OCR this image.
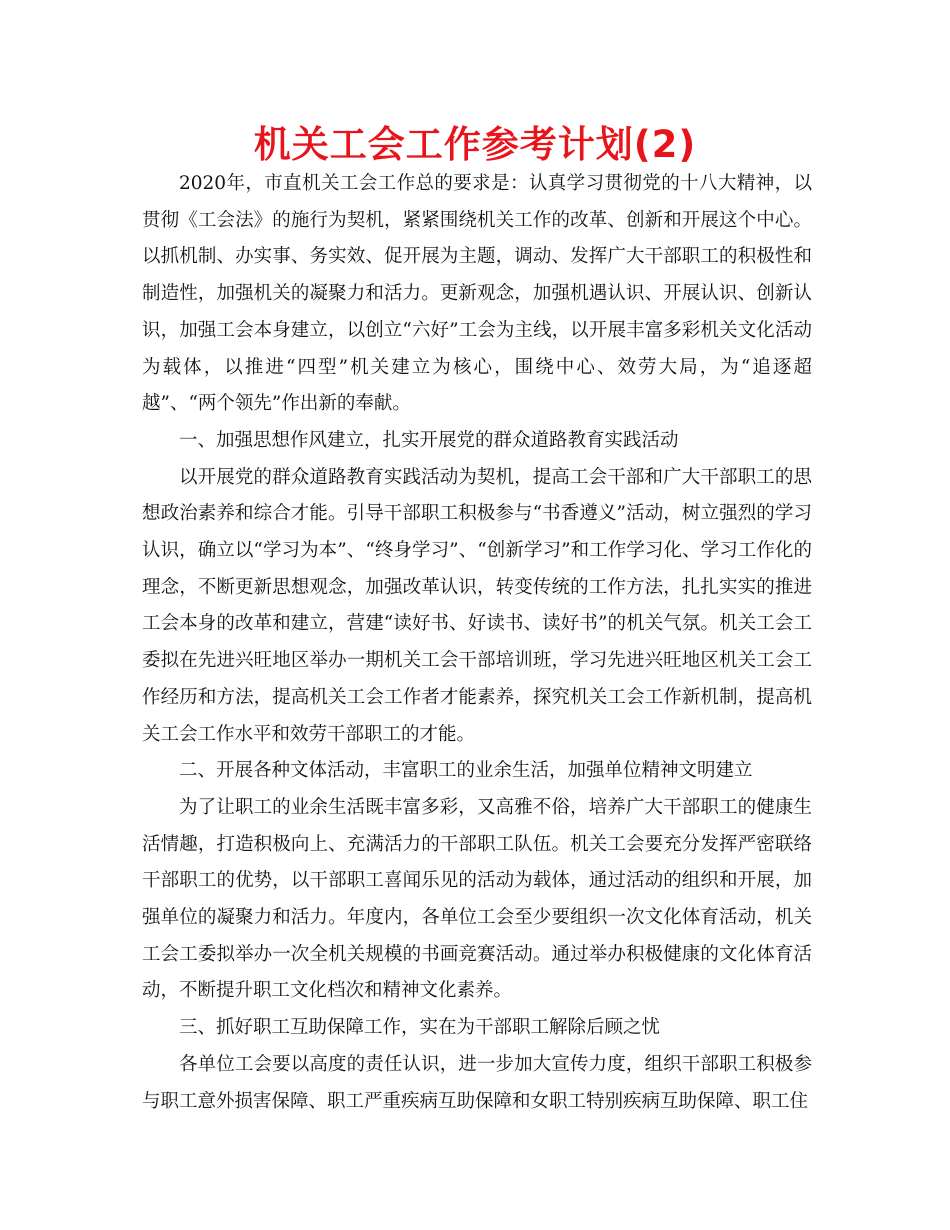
机关工会工作参考计划(2)

2020年，市直机关工会工作总的要求是：认真学习贯彻党的十八大精神，以贯彻《工会法》的施行为契机，紧紧围绕机关工作的改革、创新和开展这个中心。以抓机制、办实事、务实效、促开展为主题，调动、发挥广大干部职工的积极性和制造性，加强机关的凝聚力和活力。更新观念，加强机遇认识、开展认识、创新认识，加强工会本身建立，以创立“六好”工会为主线，以开展丰富多彩机关文化活动为载体，以推进“四型”机关建立为核心，围绕中心、效劳大局，为“追逐超越”、“两个领先”作出新的奉献。

一、加强思想作风建立，扎实开展党的群众道路教育实践活动

以开展党的群众道路教育实践活动为契机，提高工会干部和广大干部职工的思想政治素养和综合才能。引导干部职工积极参与“书香遵义”活动，树立强烈的学习认识，确立以“学习为本”、“终身学习”、“创新学习”和工作学习化、学习工作化的理念，不断更新思想观念，加强改革认识，转变传统的工作方法，扎扎实实的推进工会本身的改革和建立，营建“读好书、好读书、读好书”的机关气氛。机关工会工委拟在先进兴旺地区举办一期机关工会干部培训班，学习先进兴旺地区机关工会工作经历和方法，提高机关工会工作者才能素养，探究机关工会工作新机制，提高机关工会工作水平和效劳干部职工的才能。

二、开展各种文体活动，丰富职工的业余生活，加强单位精神文明建立

为了让职工的业余生活既丰富多彩，又高雅不俗，培养广大干部职工的健康生活情趣，打造积极向上、充满活力的干部职工队伍。机关工会要充分发挥严密联络干部职工的优势，以干部职工喜闻乐见的活动为载体，通过活动的组织和开展，加强单位的凝聚力和活力。年度内，各单位工会至少要组织一次文化体育活动，机关工会工委拟举办一次全机关规模的书画竞赛活动。通过举办积极健康的文化体育活动，不断提升职工文化档次和精神文化素养。

三、抓好职工互助保障工作，实在为干部职工解除后顾之忧

各单位工会要以高度的责任认识，进一步加大宣传力度，组织干部职工积极参与职工意外损害保障、职工严重疾病互助保障和女职工特别疾病互助保障、职工住
